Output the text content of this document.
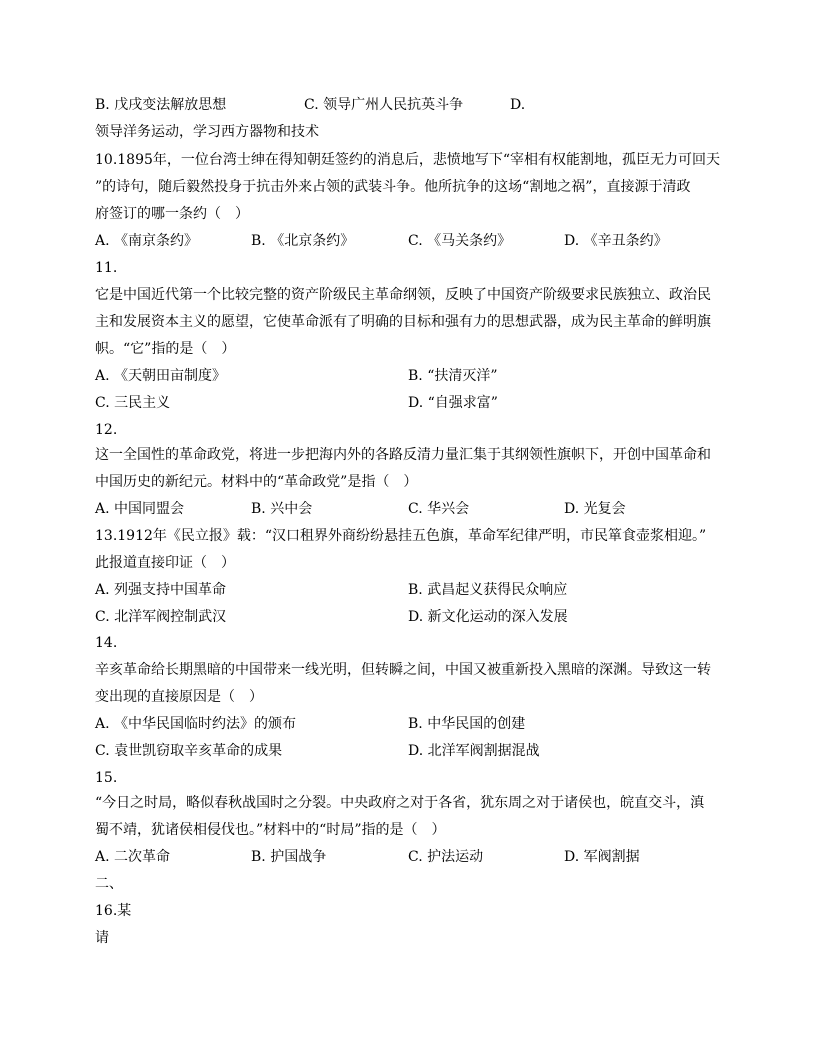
B. 戊戌变法解放思想	C. 领导广州人民抗英斗争	D.
领导洋务运动，学习西方器物和技术
10.1895年，一位台湾士绅在得知朝廷签约的消息后，悲愤地写下“宰相有权能割地，孤臣无力可回天
”的诗句，随后毅然投身于抗击外来占领的武装斗争。他所抗争的这场“割地之祸”，直接源于清政
府签订的哪一条约（　）
A. 《南京条约》	B. 《北京条约》	C. 《马关条约》	D. 《辛丑条约》
11.
它是中国近代第一个比较完整的资产阶级民主革命纲领，反映了中国资产阶级要求民族独立、政治民
主和发展资本主义的愿望，它使革命派有了明确的目标和强有力的思想武器，成为民主革命的鲜明旗
帜。“它”指的是（　）
A. 《天朝田亩制度》	B. “扶清灭洋”
C. 三民主义	D. “自强求富”
12.
这一全国性的革命政党，将进一步把海内外的各路反清力量汇集于其纲领性旗帜下，开创中国革命和
中国历史的新纪元。材料中的“革命政党”是指（　）
A. 中国同盟会	B. 兴中会	C. 华兴会	D. 光复会
13.1912年《民立报》载：“汉口租界外商纷纷悬挂五色旗，革命军纪律严明，市民箪食壶浆相迎。”
此报道直接印证（　）
A. 列强支持中国革命	B. 武昌起义获得民众响应
C. 北洋军阀控制武汉	D. 新文化运动的深入发展
14.
辛亥革命给长期黑暗的中国带来一线光明，但转瞬之间，中国又被重新投入黑暗的深渊。导致这一转
变出现的直接原因是（　）
A. 《中华民国临时约法》的颁布	B. 中华民国的创建
C. 袁世凯窃取辛亥革命的成果	D. 北洋军阀割据混战
15.
“今日之时局，略似春秋战国时之分裂。中央政府之对于各省，犹东周之对于诸侯也，皖直交斗，滇
蜀不靖，犹诸侯相侵伐也。”材料中的“时局”指的是（　）
A. 二次革命	B. 护国战争	C. 护法运动	D. 军阀割据
二、
16.某
请
